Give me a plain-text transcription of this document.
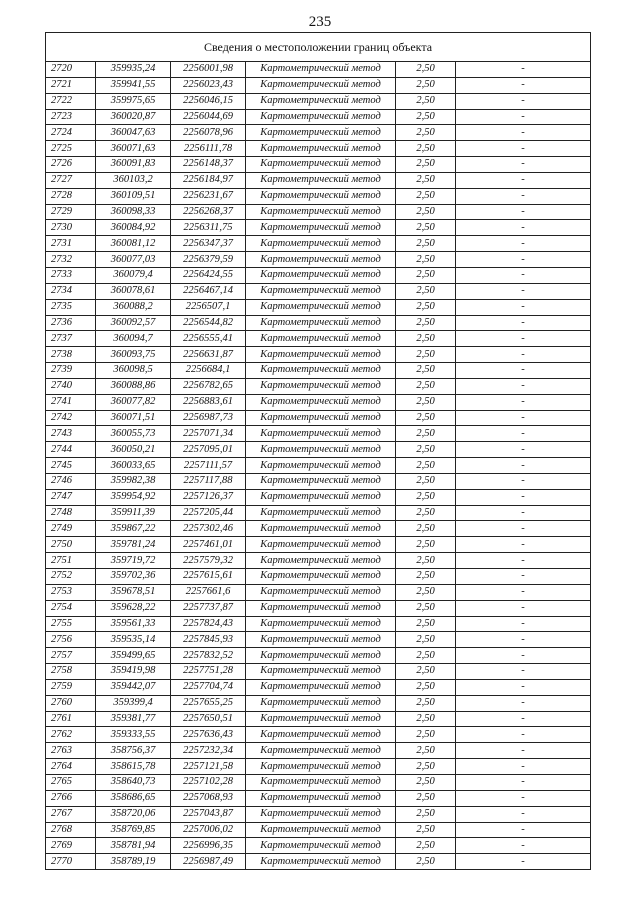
235
Сведения о местоположении границ объекта					
2720	359935,24	2256001,98	Картометрический метод	2,50	-
2721	359941,55	2256023,43	Картометрический метод	2,50	-
2722	359975,65	2256046,15	Картометрический метод	2,50	-
2723	360020,87	2256044,69	Картометрический метод	2,50	-
2724	360047,63	2256078,96	Картометрический метод	2,50	-
2725	360071,63	2256111,78	Картометрический метод	2,50	-
2726	360091,83	2256148,37	Картометрический метод	2,50	-
2727	360103,2	2256184,97	Картометрический метод	2,50	-
2728	360109,51	2256231,67	Картометрический метод	2,50	-
2729	360098,33	2256268,37	Картометрический метод	2,50	-
2730	360084,92	2256311,75	Картометрический метод	2,50	-
2731	360081,12	2256347,37	Картометрический метод	2,50	-
2732	360077,03	2256379,59	Картометрический метод	2,50	-
2733	360079,4	2256424,55	Картометрический метод	2,50	-
2734	360078,61	2256467,14	Картометрический метод	2,50	-
2735	360088,2	2256507,1	Картометрический метод	2,50	-
2736	360092,57	2256544,82	Картометрический метод	2,50	-
2737	360094,7	2256555,41	Картометрический метод	2,50	-
2738	360093,75	2256631,87	Картометрический метод	2,50	-
2739	360098,5	2256684,1	Картометрический метод	2,50	-
2740	360088,86	2256782,65	Картометрический метод	2,50	-
2741	360077,82	2256883,61	Картометрический метод	2,50	-
2742	360071,51	2256987,73	Картометрический метод	2,50	-
2743	360055,73	2257071,34	Картометрический метод	2,50	-
2744	360050,21	2257095,01	Картометрический метод	2,50	-
2745	360033,65	2257111,57	Картометрический метод	2,50	-
2746	359982,38	2257117,88	Картометрический метод	2,50	-
2747	359954,92	2257126,37	Картометрический метод	2,50	-
2748	359911,39	2257205,44	Картометрический метод	2,50	-
2749	359867,22	2257302,46	Картометрический метод	2,50	-
2750	359781,24	2257461,01	Картометрический метод	2,50	-
2751	359719,72	2257579,32	Картометрический метод	2,50	-
2752	359702,36	2257615,61	Картометрический метод	2,50	-
2753	359678,51	2257661,6	Картометрический метод	2,50	-
2754	359628,22	2257737,87	Картометрический метод	2,50	-
2755	359561,33	2257824,43	Картометрический метод	2,50	-
2756	359535,14	2257845,93	Картометрический метод	2,50	-
2757	359499,65	2257832,52	Картометрический метод	2,50	-
2758	359419,98	2257751,28	Картометрический метод	2,50	-
2759	359442,07	2257704,74	Картометрический метод	2,50	-
2760	359399,4	2257655,25	Картометрический метод	2,50	-
2761	359381,77	2257650,51	Картометрический метод	2,50	-
2762	359333,55	2257636,43	Картометрический метод	2,50	-
2763	358756,37	2257232,34	Картометрический метод	2,50	-
2764	358615,78	2257121,58	Картометрический метод	2,50	-
2765	358640,73	2257102,28	Картометрический метод	2,50	-
2766	358686,65	2257068,93	Картометрический метод	2,50	-
2767	358720,06	2257043,87	Картометрический метод	2,50	-
2768	358769,85	2257006,02	Картометрический метод	2,50	-
2769	358781,94	2256996,35	Картометрический метод	2,50	-
2770	358789,19	2256987,49	Картометрический метод	2,50	-
